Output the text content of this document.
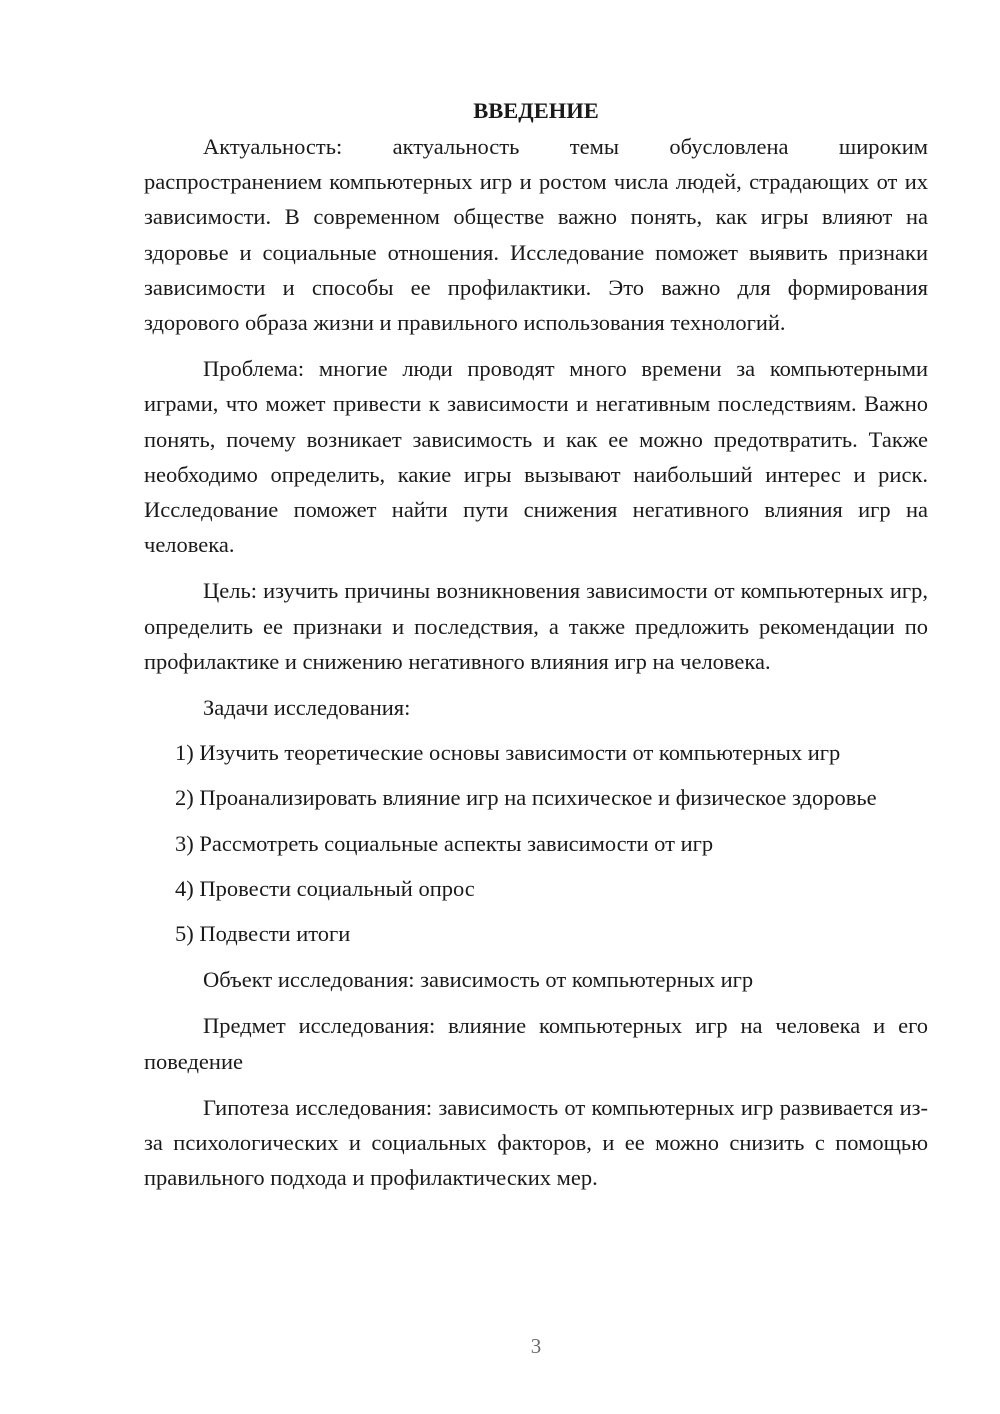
ВВЕДЕНИЕ

Актуальность: актуальность темы обусловлена широким распространением компьютерных игр и ростом числа людей, страдающих от их зависимости. В современном обществе важно понять, как игры влияют на здоровье и социальные отношения. Исследование поможет выявить признаки зависимости и способы ее профилактики. Это важно для формирования здорового образа жизни и правильного использования технологий.

Проблема: многие люди проводят много времени за компьютерными играми, что может привести к зависимости и негативным последствиям. Важно понять, почему возникает зависимость и как ее можно предотвратить. Также необходимо определить, какие игры вызывают наибольший интерес и риск. Исследование поможет найти пути снижения негативного влияния игр на человека.

Цель: изучить причины возникновения зависимости от компьютерных игр, определить ее признаки и последствия, а также предложить рекомендации по профилактике и снижению негативного влияния игр на человека.

Задачи исследования:

1) Изучить теоретические основы зависимости от компьютерных игр

2) Проанализировать влияние игр на психическое и физическое здоровье

3) Рассмотреть социальные аспекты зависимости от игр

4) Провести социальный опрос

5) Подвести итоги

Объект исследования: зависимость от компьютерных игр

Предмет исследования: влияние компьютерных игр на человека и его поведение

Гипотеза исследования: зависимость от компьютерных игр развивается из-за психологических и социальных факторов, и ее можно снизить с помощью правильного подхода и профилактических мер.

3
